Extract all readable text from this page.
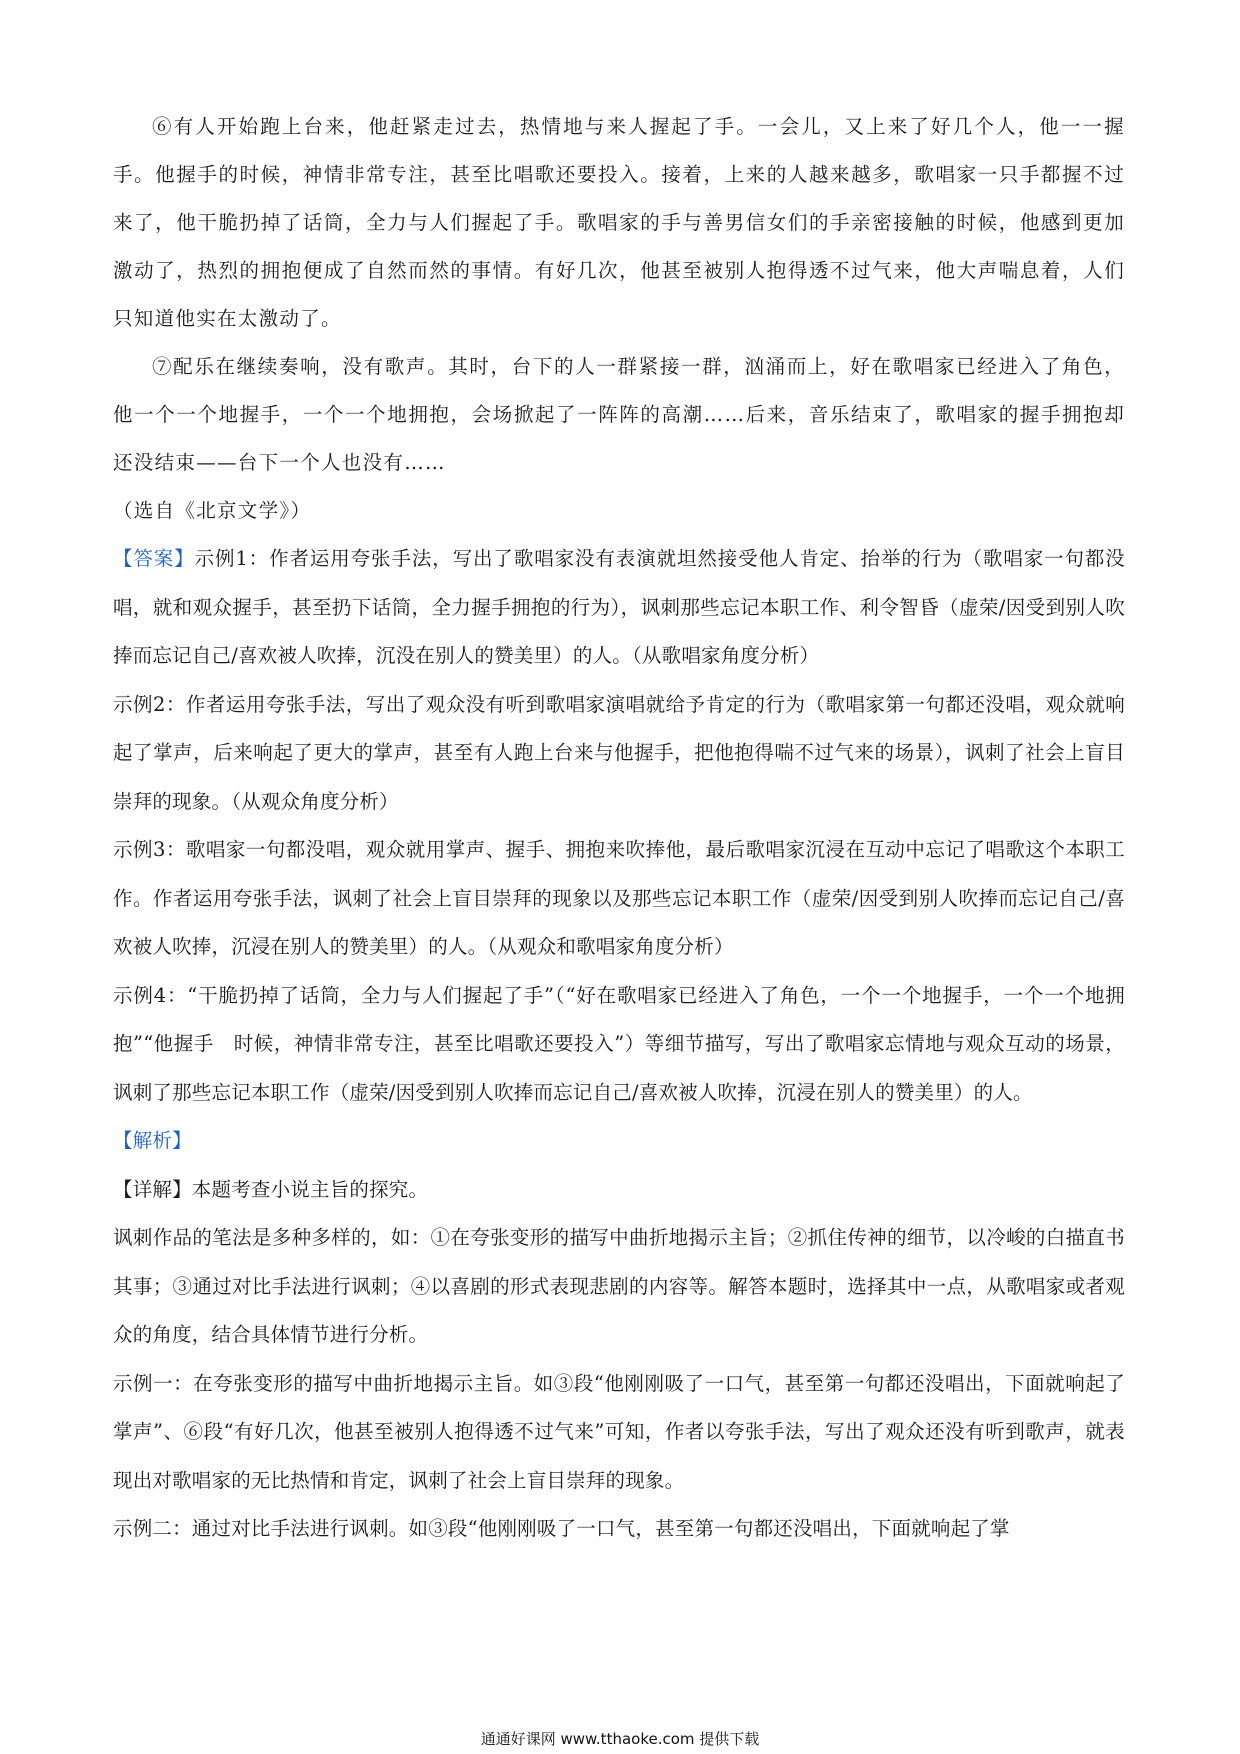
⑥有人开始跑上台来，他赶紧走过去，热情地与来人握起了手。一会儿，又上来了好几个人，他一一握手。他握手的时候，神情非常专注，甚至比唱歌还要投入。接着，上来的人越来越多，歌唱家一只手都握不过来了，他干脆扔掉了话筒，全力与人们握起了手。歌唱家的手与善男信女们的手亲密接触的时候，他感到更加激动了，热烈的拥抱便成了自然而然的事情。有好几次，他甚至被别人抱得透不过气来，他大声喘息着，人们只知道他实在太激动了。

⑦配乐在继续奏响，没有歌声。其时，台下的人一群紧接一群，汹涌而上，好在歌唱家已经进入了角色，他一个一个地握手，一个一个地拥抱，会场掀起了一阵阵的高潮……后来，音乐结束了，歌唱家的握手拥抱却还没结束——台下一个人也没有……

（选自《北京文学》）

【答案】示例1：作者运用夸张手法，写出了歌唱家没有表演就坦然接受他人肯定、抬举的行为（歌唱家一句都没唱，就和观众握手，甚至扔下话筒，全力握手拥抱的行为），讽刺那些忘记本职工作、利令智昏（虚荣/因受到别人吹捧而忘记自己/喜欢被人吹捧，沉没在别人的赞美里）的人。（从歌唱家角度分析）

示例2：作者运用夸张手法，写出了观众没有听到歌唱家演唱就给予肯定的行为（歌唱家第一句都还没唱，观众就响起了掌声，后来响起了更大的掌声，甚至有人跑上台来与他握手，把他抱得喘不过气来的场景），讽刺了社会上盲目崇拜的现象。（从观众角度分析）

示例3：歌唱家一句都没唱，观众就用掌声、握手、拥抱来吹捧他，最后歌唱家沉浸在互动中忘记了唱歌这个本职工作。作者运用夸张手法，讽刺了社会上盲目崇拜的现象以及那些忘记本职工作（虚荣/因受到别人吹捧而忘记自己/喜欢被人吹捧，沉浸在别人的赞美里）的人。（从观众和歌唱家角度分析）

示例4：“干脆扔掉了话筒，全力与人们握起了手”（“好在歌唱家已经进入了角色，一个一个地握手，一个一个地拥抱”“他握手　时候，神情非常专注，甚至比唱歌还要投入”）等细节描写，写出了歌唱家忘情地与观众互动的场景，讽刺了那些忘记本职工作（虚荣/因受到别人吹捧而忘记自己/喜欢被人吹捧，沉浸在别人的赞美里）的人。

【解析】

【详解】本题考查小说主旨的探究。

讽刺作品的笔法是多种多样的，如：①在夸张变形的描写中曲折地揭示主旨；②抓住传神的细节，以冷峻的白描直书其事；③通过对比手法进行讽刺；④以喜剧的形式表现悲剧的内容等。解答本题时，选择其中一点，从歌唱家或者观众的角度，结合具体情节进行分析。

示例一：在夸张变形的描写中曲折地揭示主旨。如③段“他刚刚吸了一口气，甚至第一句都还没唱出，下面就响起了掌声”、⑥段“有好几次，他甚至被别人抱得透不过气来”可知，作者以夸张手法，写出了观众还没有听到歌声，就表现出对歌唱家的无比热情和肯定，讽刺了社会上盲目崇拜的现象。

示例二：通过对比手法进行讽刺。如③段“他刚刚吸了一口气，甚至第一句都还没唱出，下面就响起了掌

通通好课网 www.tthaoke.com 提供下载
